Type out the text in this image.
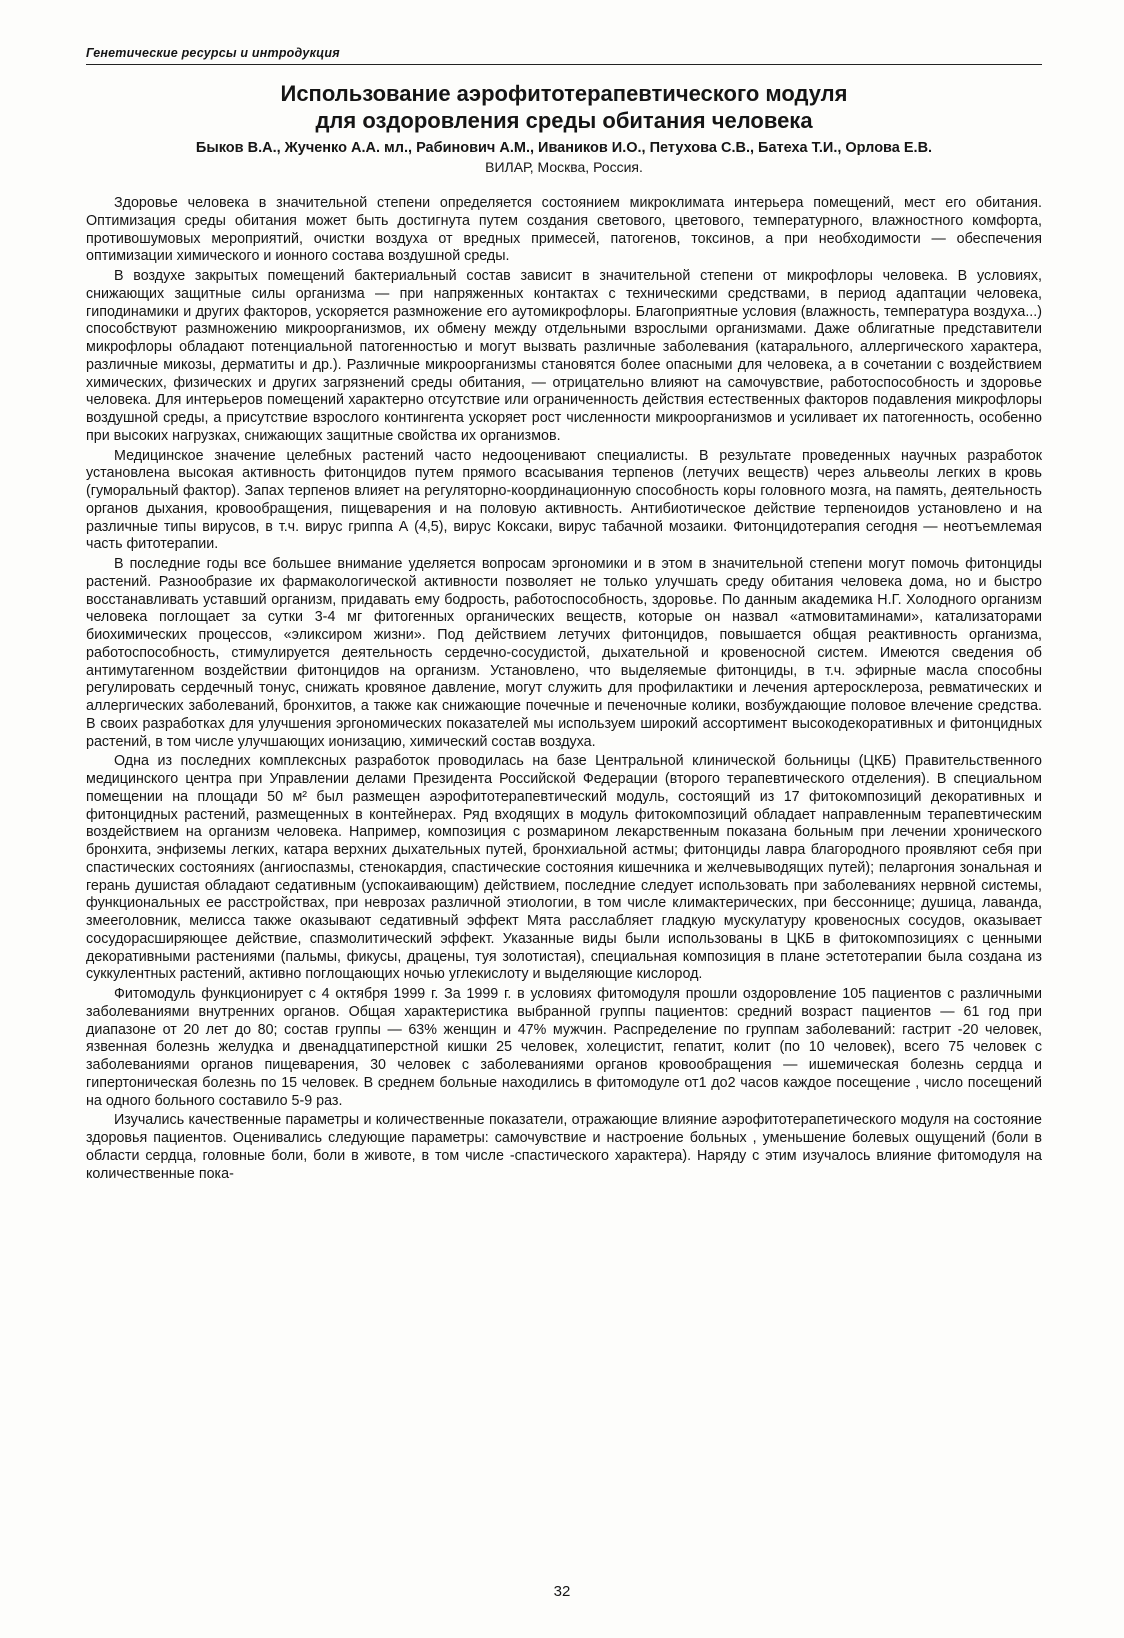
Генетические ресурсы и интродукция

Использование аэрофитотерапевтического модуля

для оздоровления среды обитания человека

Быков В.А., Жученко А.А. мл., Рабинович А.М., Иваников И.О., Петухова С.В., Батеха Т.И., Орлова Е.В.
ВИЛАР, Москва, Россия.

Здоровье человека в значительной степени определяется состоянием микроклимата интерьера помещений, мест его обитания. Оптимизация среды обитания может быть достигнута путем создания светового, цветового, температурного, влажностного комфорта, противошумовых мероприятий, очистки воздуха от вредных примесей, патогенов, токсинов, а при необходимости — обеспечения оптимизации химического и ионного состава воздушной среды.

В воздухе закрытых помещений бактериальный состав зависит в значительной степени от микрофлоры человека. В условиях, снижающих защитные силы организма — при напряженных контактах с техническими средствами, в период адаптации человека, гиподинамики и других факторов, ускоряется размножение его аутомикрофлоры. Благоприятные условия (влажность, температура воздуха...) способствуют размножению микроорганизмов, их обмену между отдельными взрослыми организмами. Даже облигатные представители микрофлоры обладают потенциальной патогенностью и могут вызвать различные заболевания (катарального, аллергического характера, различные микозы, дерматиты и др.). Различные микроорганизмы становятся более опасными для человека, а в сочетании с воздействием химических, физических и других загрязнений среды обитания, — отрицательно влияют на самочувствие, работоспособность и здоровье человека. Для интерьеров помещений характерно отсутствие или ограниченность действия естественных факторов подавления микрофлоры воздушной среды, а присутствие взрослого контингента ускоряет рост численности микроорганизмов и усиливает их патогенность, особенно при высоких нагрузках, снижающих защитные свойства их организмов.

Медицинское значение целебных растений часто недооценивают специалисты. В результате проведенных научных разработок установлена высокая активность фитонцидов путем прямого всасывания терпенов (летучих веществ) через альвеолы легких в кровь (гуморальный фактор). Запах терпенов влияет на регуляторно-координационную способность коры головного мозга, на память, деятельность органов дыхания, кровообращения, пищеварения и на половую активность. Антибиотическое действие терпеноидов установлено и на различные типы вирусов, в т.ч. вирус гриппа А (4,5), вирус Коксаки, вирус табачной мозаики. Фитонцидотерапия сегодня — неотъемлемая часть фитотерапии.

В последние годы все большее внимание уделяется вопросам эргономики и в этом в значительной степени могут помочь фитонциды растений. Разнообразие их фармакологической активности позволяет не только улучшать среду обитания человека дома, но и быстро восстанавливать уставший организм, придавать ему бодрость, работоспособность, здоровье. По данным академика Н.Г. Холодного организм человека поглощает за сутки 3-4 мг фитогенных органических веществ, которые он назвал «атмовитаминами», катализаторами биохимических процессов, «эликсиром жизни». Под действием летучих фитонцидов, повышается общая реактивность организма, работоспособность, стимулируется деятельность сердечно-сосудистой, дыхательной и кровеносной систем. Имеются сведения об антимутагенном воздействии фитонцидов на организм. Установлено, что выделяемые фитонциды, в т.ч. эфирные масла способны регулировать сердечный тонус, снижать кровяное давление, могут служить для профилактики и лечения артеросклероза, ревматических и аллергических заболеваний, бронхитов, а также как снижающие почечные и печеночные колики, возбуждающие половое влечение средства. В своих разработках для улучшения эргономических показателей мы используем широкий ассортимент высокодекоративных и фитонцидных растений, в том числе улучшающих ионизацию, химический состав воздуха.

Одна из последних комплексных разработок проводилась на базе Центральной клинической больницы (ЦКБ) Правительственного медицинского центра при Управлении делами Президента Российской Федерации (второго терапевтического отделения). В специальном помещении на площади 50 м² был размещен аэрофитотерапевтический модуль, состоящий из 17 фитокомпозиций декоративных и фитонцидных растений, размещенных в контейнерах. Ряд входящих в модуль фитокомпозиций обладает направленным терапевтическим воздействием на организм человека. Например, композиция с розмарином лекарственным показана больным при лечении хронического бронхита, энфиземы легких, катара верхних дыхательных путей, бронхиальной астмы; фитонциды лавра благородного проявляют себя при спастических состояниях (ангиоспазмы, стенокардия, спастические состояния кишечника и желчевыводящих путей); пеларгония зональная и герань душистая обладают седативным (успокаивающим) действием, последние следует использовать при заболеваниях нервной системы, функциональных ее расстройствах, при неврозах различной этиологии, в том числе климактерических, при бессоннице; душица, лаванда, змееголовник, мелисса также оказывают седативный эффект Мята расслабляет гладкую мускулатуру кровеносных сосудов, оказывает сосудорасширяющее действие, спазмолитический эффект. Указанные виды были использованы в ЦКБ в фитокомпозициях с ценными декоративными растениями (пальмы, фикусы, драцены, туя золотистая), специальная композиция в плане эстетотерапии была создана из суккулентных растений, активно поглощающих ночью углекислоту и выделяющие кислород.

Фитомодуль функционирует с 4 октября 1999 г. За 1999 г. в условиях фитомодуля прошли оздоровление 105 пациентов с различными заболеваниями внутренних органов. Общая характеристика выбранной группы пациентов: средний возраст пациентов — 61 год при диапазоне от 20 лет до 80; состав группы — 63% женщин и 47% мужчин. Распределение по группам заболеваний: гастрит -20 человек, язвенная болезнь желудка и двенадцатиперстной кишки 25 человек, холецистит, гепатит, колит (по 10 человек), всего 75 человек с заболеваниями органов пищеварения, 30 человек с заболеваниями органов кровообращения — ишемическая болезнь сердца и гипертоническая болезнь по 15 человек. В среднем больные находились в фитомодуле от1 до2 часов каждое посещение , число посещений на одного больного составило 5-9 раз.

Изучались качественные параметры и количественные показатели, отражающие влияние аэрофитотерапетического модуля на состояние здоровья пациентов. Оценивались следующие параметры: самочувствие и настроение больных , уменьшение болевых ощущений (боли в области сердца, головные боли, боли в животе, в том числе -спастического характера). Наряду с этим изучалось влияние фитомодуля на количественные пока-

32
